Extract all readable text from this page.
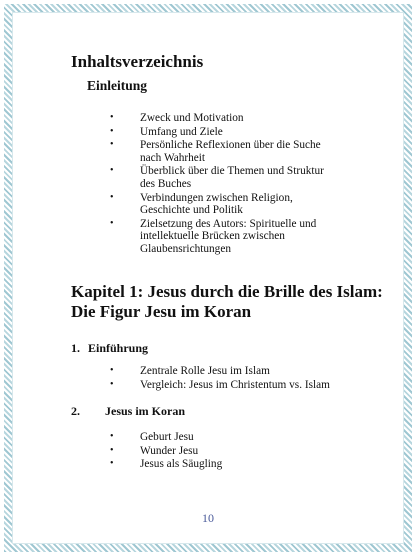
Inhaltsverzeichnis
Einleitung
• Zweck und Motivation
• Umfang und Ziele
• Persönliche Reflexionen über die Suche nach Wahrheit
• Überblick über die Themen und Struktur des Buches
• Verbindungen zwischen Religion, Geschichte und Politik
• Zielsetzung des Autors: Spirituelle und intellektuelle Brücken zwischen Glaubensrichtungen
Kapitel 1: Jesus durch die Brille des Islam: Die Figur Jesu im Koran
1. Einführung
• Zentrale Rolle Jesu im Islam
• Vergleich: Jesus im Christentum vs. Islam
2. Jesus im Koran
• Geburt Jesu
• Wunder Jesu
• Jesus als Säugling
10
